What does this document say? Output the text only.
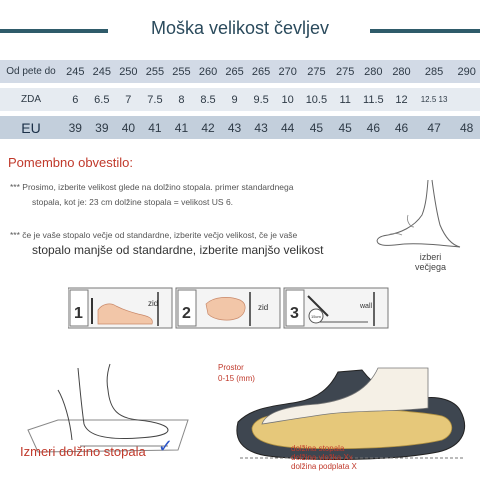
Moška velikost čevljev
Od pete do	245	245	250	255	255	260	265	265	270	275	275	280	280	285	290

ZDA	6	6.5	7	7.5	8	8.5	9	9.5	10	10.5	11	11.5	12	12.5 13	

EU	39	39	40	41	41	42	43	43	44	45	45	46	46	47	48
Pomembno obvestilo:
*** Prosimo, izberite velikost glede na dolžino stopala. primer standardnega
stopala, kot je: 23 cm dolžine stopala = velikost US 6.
*** če je vaše stopalo večje od standardne, izberite večjo velikost, če je vaše
stopalo manjše od standardne, izberite manjšo velikost	izberi
večjega
1
zid
2	zid 3	15cm
wall
Izmeri dolžino stopala ✓
Prostor
0-15 (mm)
dolžina stopala
dolžina vložka Xx
dolžina podplata X
